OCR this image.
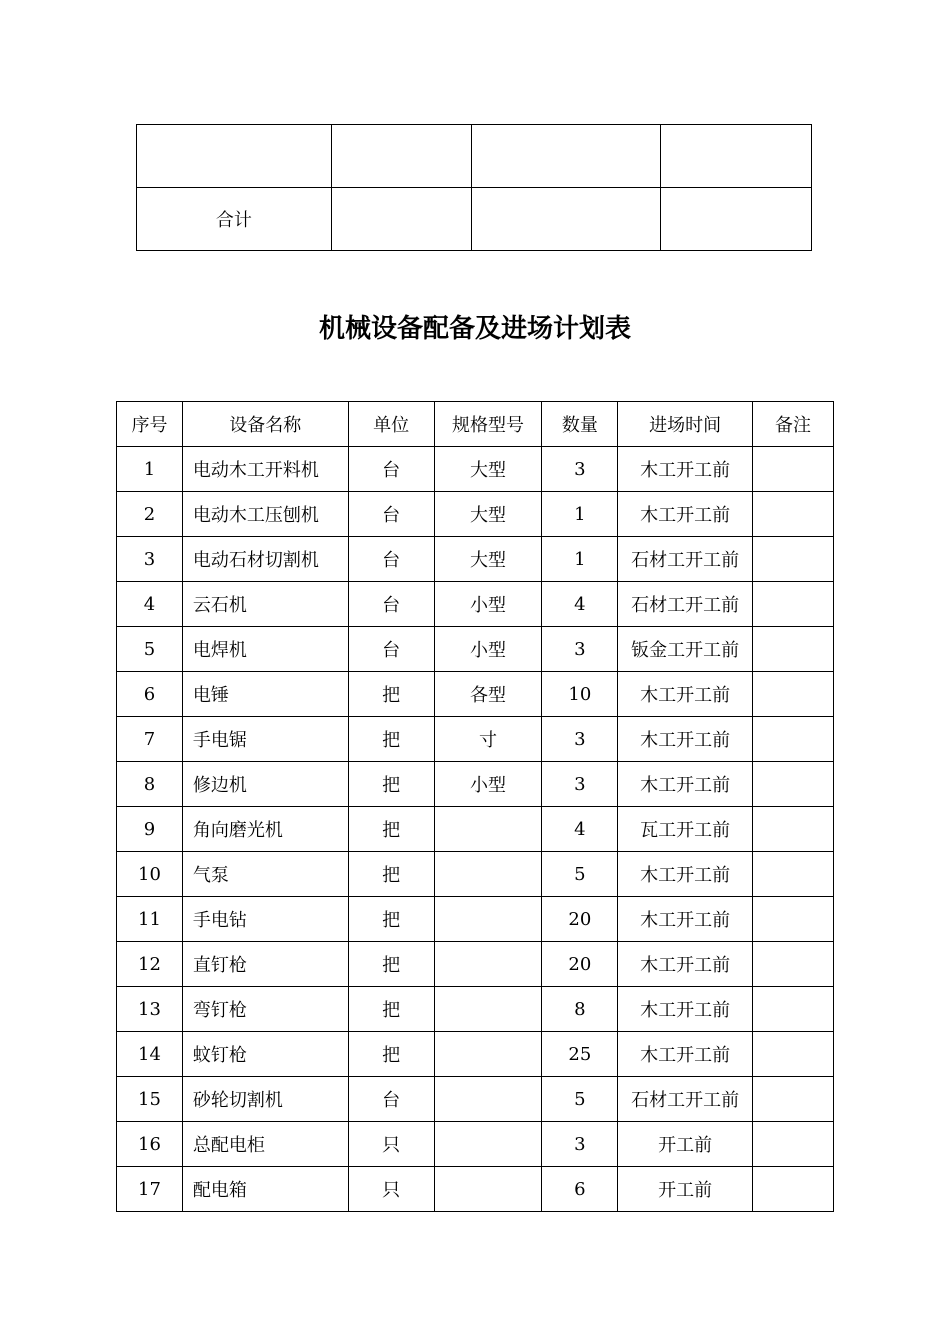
合计			
机械设备配备及进场计划表
序号	设备名称	单位	规格型号	数量	进场时间	备注
1	电动木工开料机	台	大型	3	木工开工前	
2	电动木工压刨机	台	大型	1	木工开工前	
3	电动石材切割机	台	大型	1	石材工开工前	
4	云石机	台	小型	4	石材工开工前	
5	电焊机	台	小型	3	钣金工开工前	
6	电锤	把	各型	10	木工开工前	
7	手电锯	把	寸	3	木工开工前	
8	修边机	把	小型	3	木工开工前	
9	角向磨光机	把		4	瓦工开工前	
10	气泵	把		5	木工开工前	
11	手电钻	把		20	木工开工前	
12	直钉枪	把		20	木工开工前	
13	弯钉枪	把		8	木工开工前	
14	蚊钉枪	把		25	木工开工前	
15	砂轮切割机	台		5	石材工开工前	
16	总配电柜	只		3	开工前	
17	配电箱	只		6	开工前	
